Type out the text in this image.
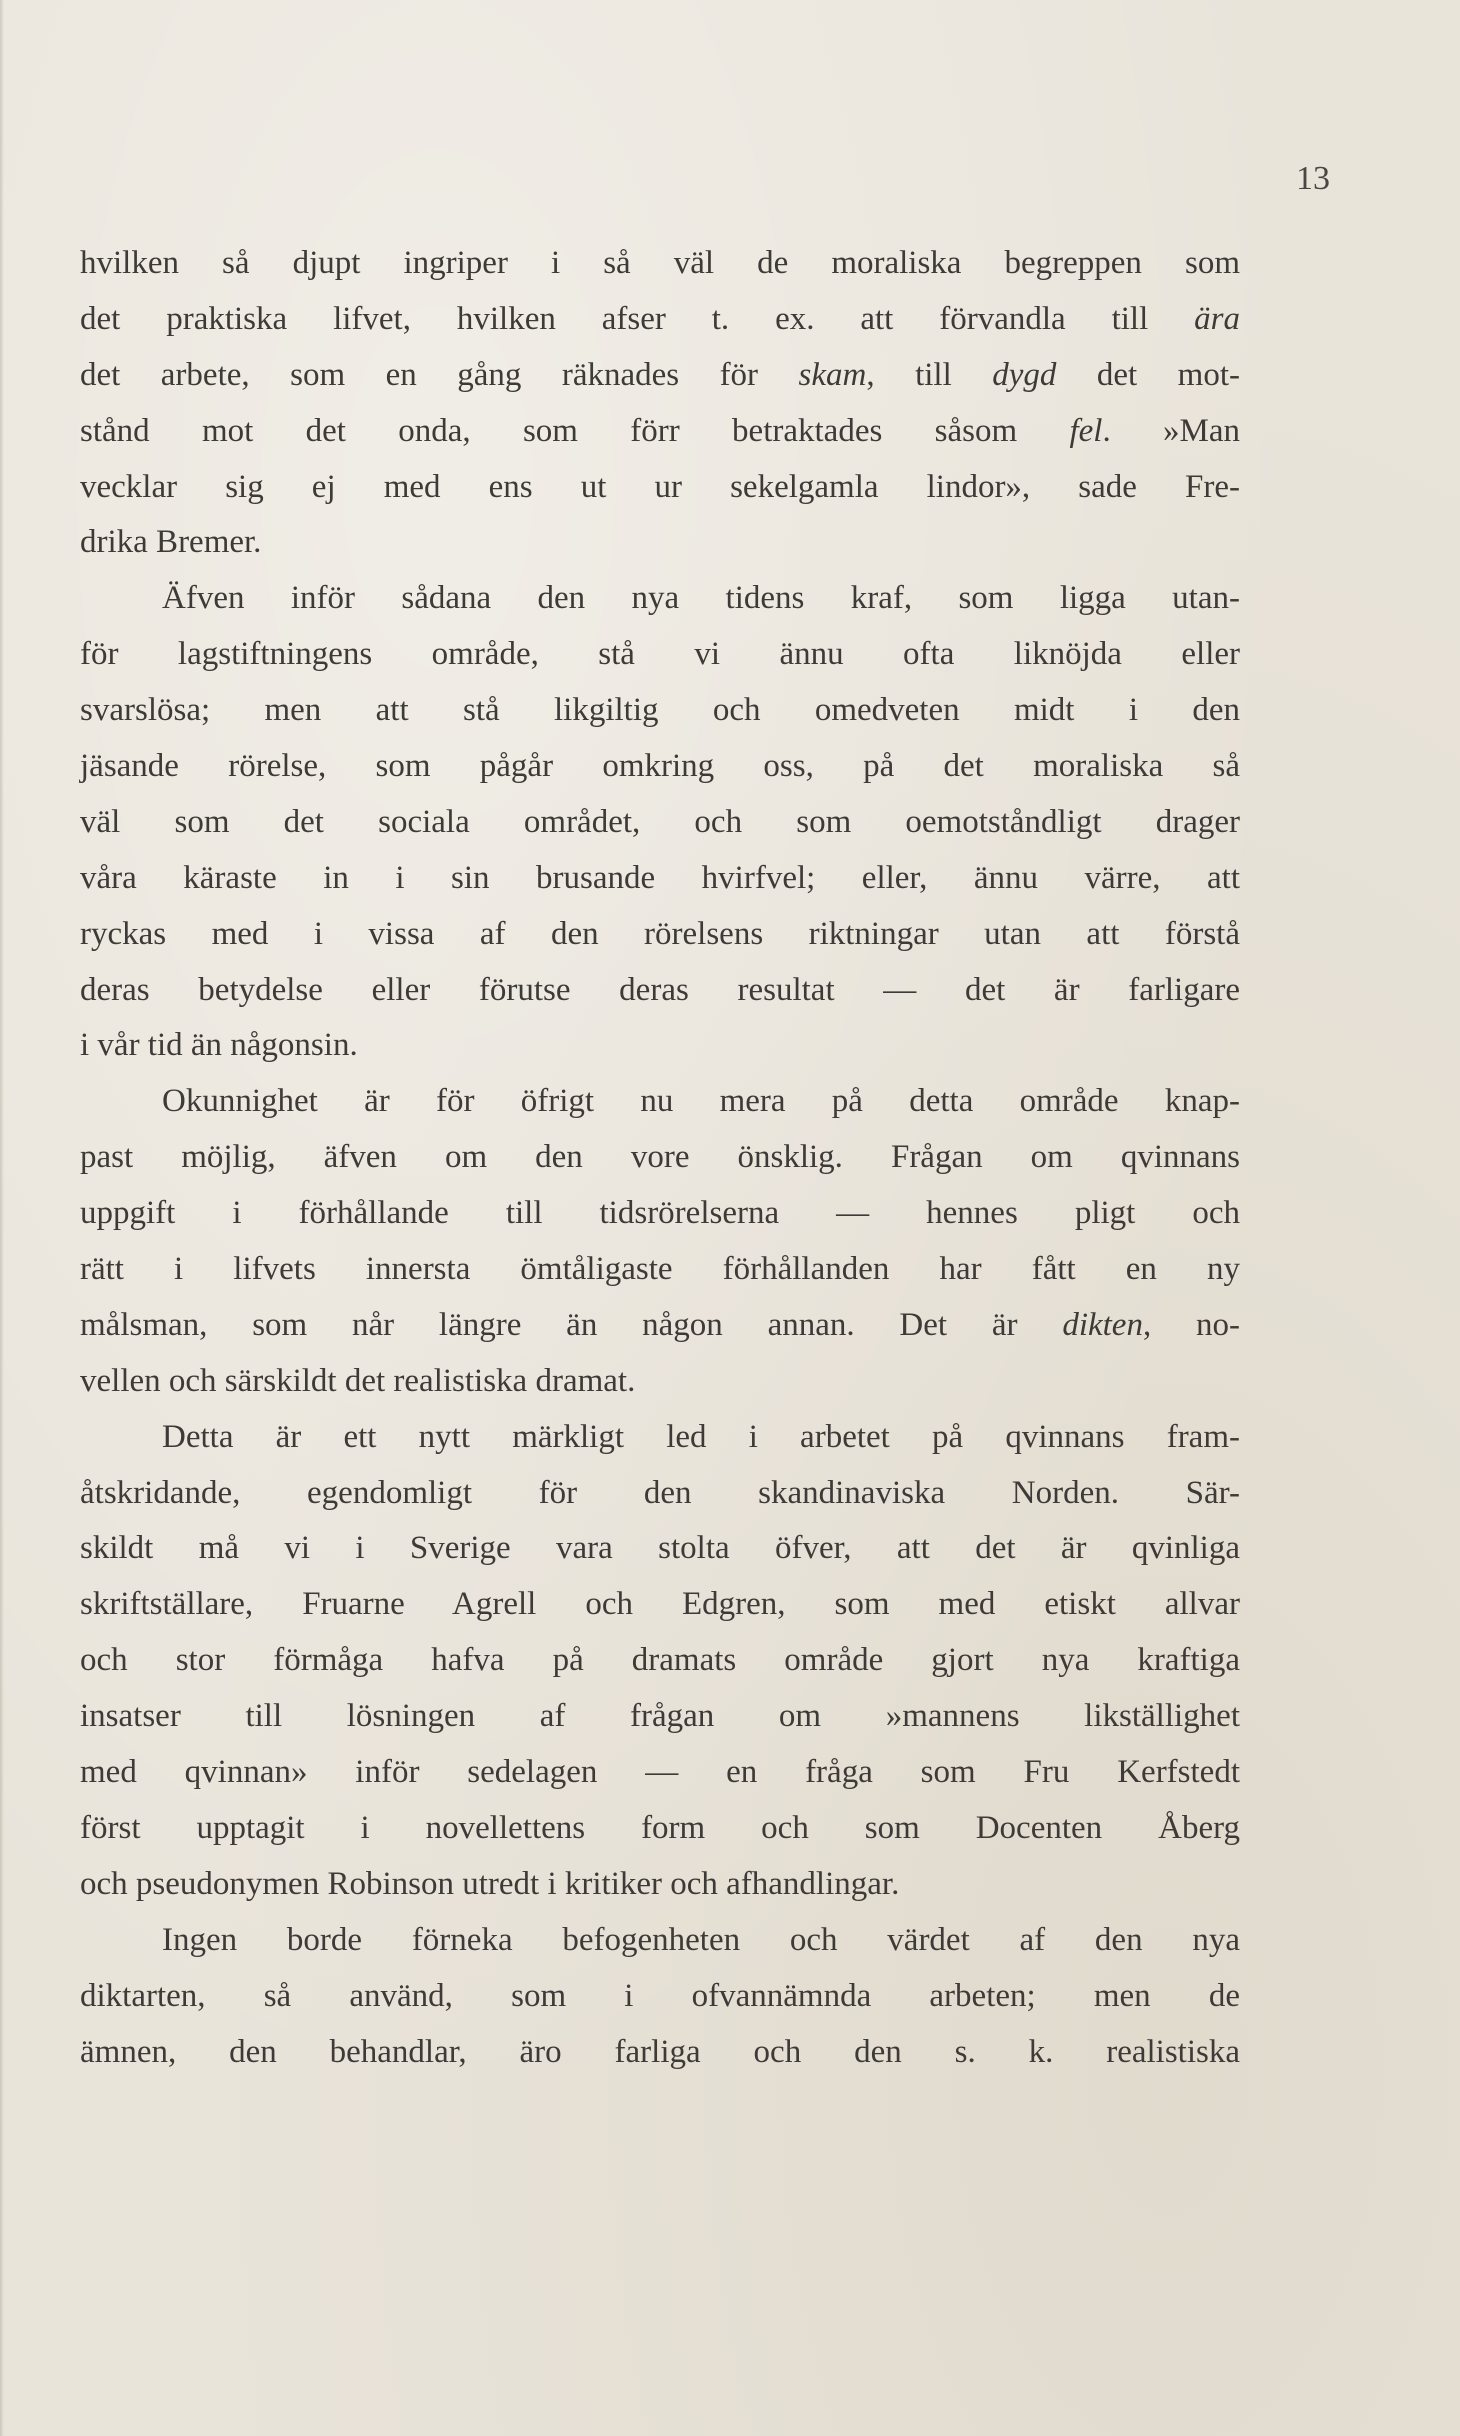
13
hvilken så djupt ingriper i så väl de moraliska begreppen som
det praktiska lifvet, hvilken afser t. ex. att förvandla till ära
det arbete, som en gång räknades för skam, till dygd det mot-
stånd mot det onda, som förr betraktades såsom fel. »Man
vecklar sig ej med ens ut ur sekelgamla lindor», sade Fre-
drika Bremer.
Äfven inför sådana den nya tidens kraf, som ligga utan-
för lagstiftningens område, stå vi ännu ofta liknöjda eller
svarslösa; men att stå likgiltig och omedveten midt i den
jäsande rörelse, som pågår omkring oss, på det moraliska så
väl som det sociala området, och som oemotståndligt drager
våra käraste in i sin brusande hvirfvel; eller, ännu värre, att
ryckas med i vissa af den rörelsens riktningar utan att förstå
deras betydelse eller förutse deras resultat — det är farligare
i vår tid än någonsin.
Okunnighet är för öfrigt nu mera på detta område knap-
past möjlig, äfven om den vore önsklig. Frågan om qvinnans
uppgift i förhållande till tidsrörelserna — hennes pligt och
rätt i lifvets innersta ömtåligaste förhållanden har fått en ny
målsman, som når längre än någon annan. Det är dikten, no-
vellen och särskildt det realistiska dramat.
Detta är ett nytt märkligt led i arbetet på qvinnans fram-
åtskridande, egendomligt för den skandinaviska Norden. Sär-
skildt må vi i Sverige vara stolta öfver, att det är qvinliga
skriftställare, Fruarne Agrell och Edgren, som med etiskt allvar
och stor förmåga hafva på dramats område gjort nya kraftiga
insatser till lösningen af frågan om »mannens likställighet
med qvinnan» inför sedelagen — en fråga som Fru Kerfstedt
först upptagit i novellettens form och som Docenten Åberg
och pseudonymen Robinson utredt i kritiker och afhandlingar.
Ingen borde förneka befogenheten och värdet af den nya
diktarten, så använd, som i ofvannämnda arbeten; men de
ämnen, den behandlar, äro farliga och den s. k. realistiska
